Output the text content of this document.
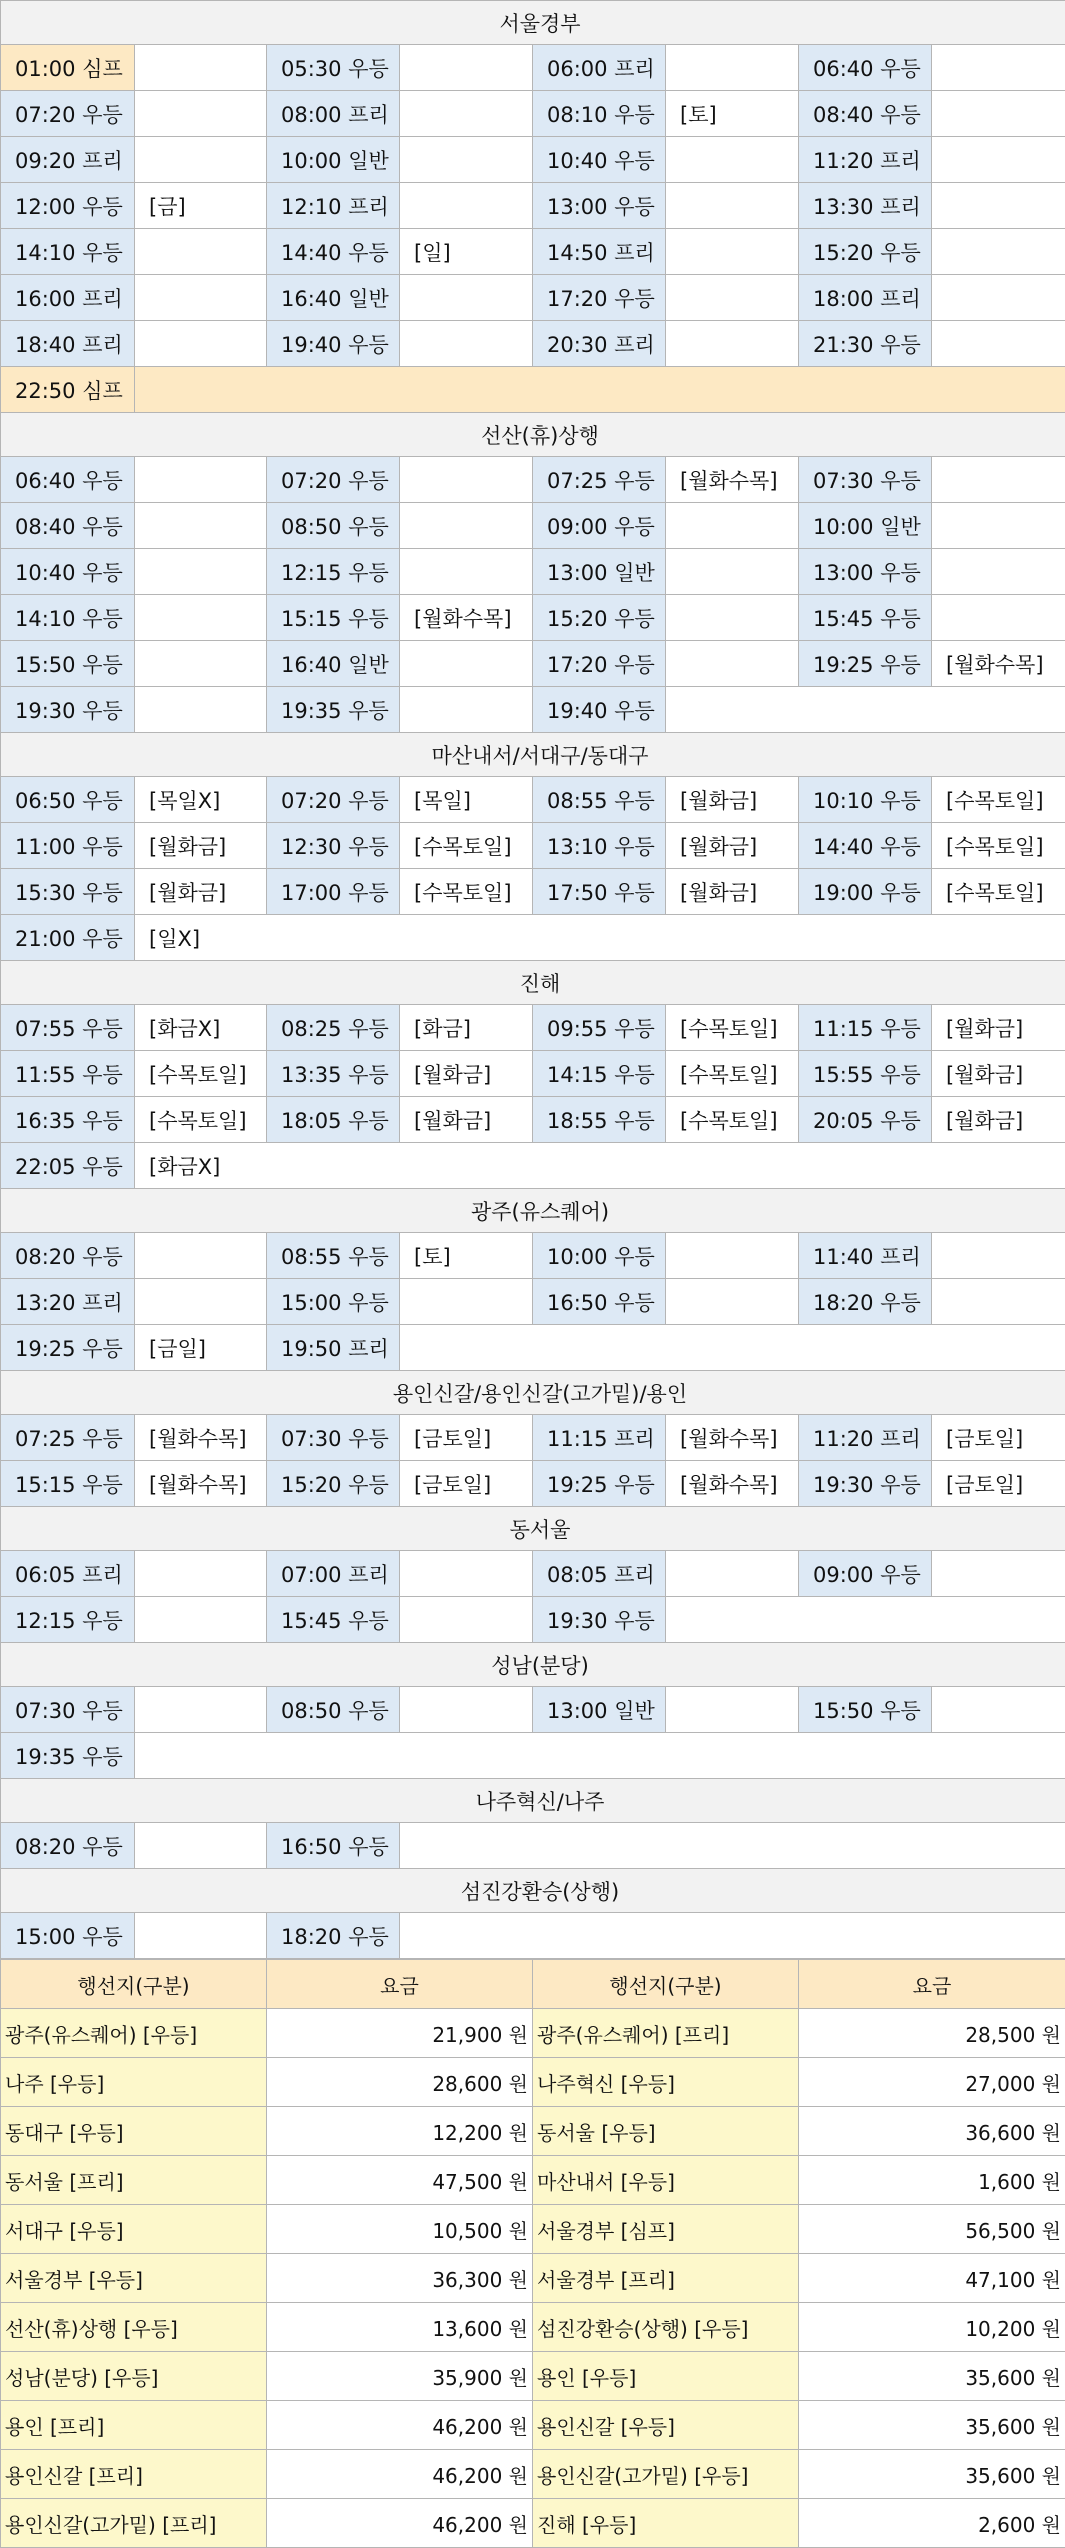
서울경부							
01:00 심프		05:30 우등		06:00 프리		06:40 우등	
07:20 우등		08:00 프리		08:10 우등	[토]	08:40 우등	
09:20 프리		10:00 일반		10:40 우등		11:20 프리	
12:00 우등	[금]	12:10 프리		13:00 우등		13:30 프리	
14:10 우등		14:40 우등	[일]	14:50 프리		15:20 우등	
16:00 프리		16:40 일반		17:20 우등		18:00 프리	
18:40 프리		19:40 우등		20:30 프리		21:30 우등	
22:50 심프							
선산(휴)상행							
06:40 우등		07:20 우등		07:25 우등	[월화수목]	07:30 우등	
08:40 우등		08:50 우등		09:00 우등		10:00 일반	
10:40 우등		12:15 우등		13:00 일반		13:00 우등	
14:10 우등		15:15 우등	[월화수목]	15:20 우등		15:45 우등	
15:50 우등		16:40 일반		17:20 우등		19:25 우등	[월화수목]
19:30 우등		19:35 우등		19:40 우등			
마산내서/서대구/동대구							
06:50 우등	[목일X]	07:20 우등	[목일]	08:55 우등	[월화금]	10:10 우등	[수목토일]
11:00 우등	[월화금]	12:30 우등	[수목토일]	13:10 우등	[월화금]	14:40 우등	[수목토일]
15:30 우등	[월화금]	17:00 우등	[수목토일]	17:50 우등	[월화금]	19:00 우등	[수목토일]
21:00 우등	[일X]						
진해							
07:55 우등	[화금X]	08:25 우등	[화금]	09:55 우등	[수목토일]	11:15 우등	[월화금]
11:55 우등	[수목토일]	13:35 우등	[월화금]	14:15 우등	[수목토일]	15:55 우등	[월화금]
16:35 우등	[수목토일]	18:05 우등	[월화금]	18:55 우등	[수목토일]	20:05 우등	[월화금]
22:05 우등	[화금X]						
광주(유스퀘어)							
08:20 우등		08:55 우등	[토]	10:00 우등		11:40 프리	
13:20 프리		15:00 우등		16:50 우등		18:20 우등	
19:25 우등	[금일]	19:50 프리					
용인신갈/용인신갈(고가밑)/용인							
07:25 우등	[월화수목]	07:30 우등	[금토일]	11:15 프리	[월화수목]	11:20 프리	[금토일]
15:15 우등	[월화수목]	15:20 우등	[금토일]	19:25 우등	[월화수목]	19:30 우등	[금토일]
동서울							
06:05 프리		07:00 프리		08:05 프리		09:00 우등	
12:15 우등		15:45 우등		19:30 우등			
성남(분당)							
07:30 우등		08:50 우등		13:00 일반		15:50 우등	
19:35 우등							
나주혁신/나주							
08:20 우등		16:50 우등					
섬진강환승(상행)							
15:00 우등		18:20 우등					
행선지(구분)	요금	행선지(구분)	요금
광주(유스퀘어) [우등]	21,900 원	광주(유스퀘어) [프리]	28,500 원
나주 [우등]	28,600 원	나주혁신 [우등]	27,000 원
동대구 [우등]	12,200 원	동서울 [우등]	36,600 원
동서울 [프리]	47,500 원	마산내서 [우등]	1,600 원
서대구 [우등]	10,500 원	서울경부 [심프]	56,500 원
서울경부 [우등]	36,300 원	서울경부 [프리]	47,100 원
선산(휴)상행 [우등]	13,600 원	섬진강환승(상행) [우등]	10,200 원
성남(분당) [우등]	35,900 원	용인 [우등]	35,600 원
용인 [프리]	46,200 원	용인신갈 [우등]	35,600 원
용인신갈 [프리]	46,200 원	용인신갈(고가밑) [우등]	35,600 원
용인신갈(고가밑) [프리]	46,200 원	진해 [우등]	2,600 원
